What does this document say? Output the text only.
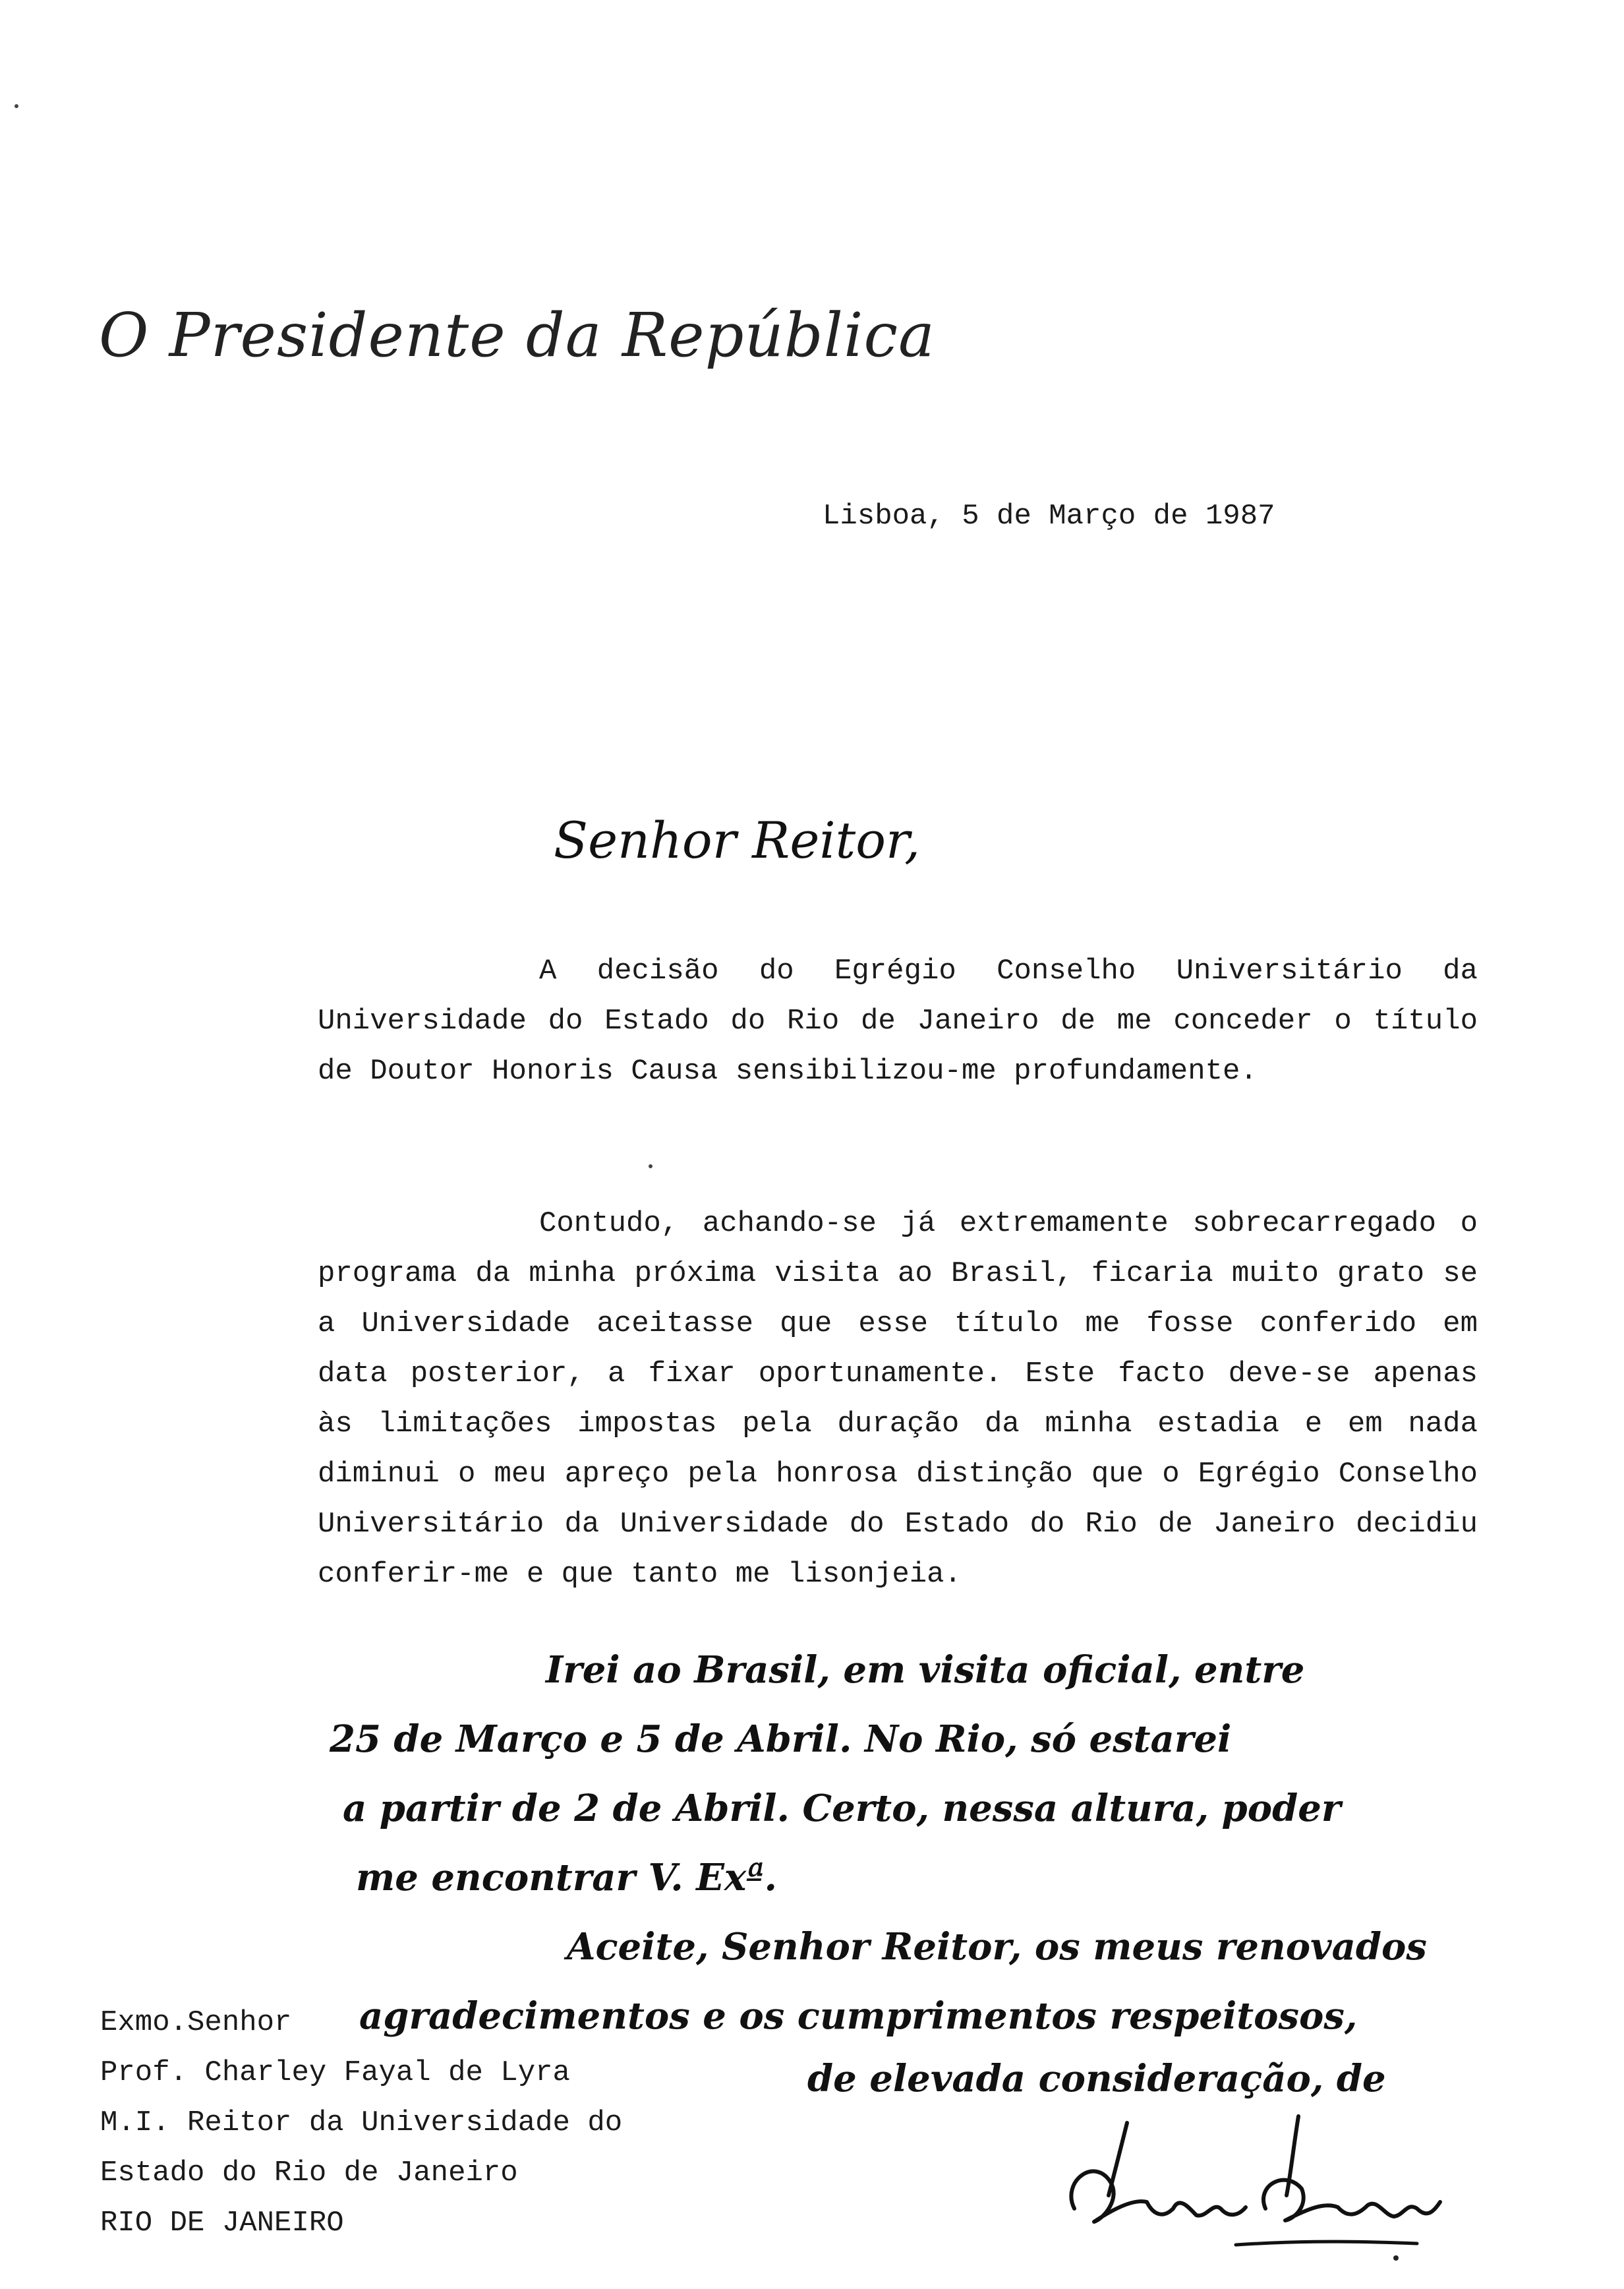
O Presidente da República
Lisboa, 5 de Março de 1987
Senhor Reitor,
A decisão do Egrégio Conselho Universitário da Universidade do Estado do Rio de Janeiro de me conceder o título de Doutor Honoris Causa sensibilizou-me profundamente.
Contudo, achando-se já extremamente sobrecarregado o programa da minha próxima visita ao Brasil, ficaria muito grato se a Universidade aceitasse que esse título me fosse conferido em data posterior, a fixar oportunamente. Este facto deve-se apenas às limitações impostas pela duração da minha estadia e em nada diminui o meu apreço pela honrosa distinção que o Egrégio Conselho Universitário da Universidade do Estado do Rio de Janeiro decidiu conferir-me e que tanto me lisonjeia.
Irei ao Brasil, em visita oficial, entre
25 de Março e 5 de Abril. No Rio, só estarei
a partir de 2 de Abril. Certo, nessa altura, poder
me encontrar V. Exª.
Aceite, Senhor Reitor, os meus renovados
agradecimentos e os cumprimentos respeitosos,
de elevada consideração, de
Exmo.Senhor
Prof. Charley Fayal de Lyra
M.I. Reitor da Universidade do
Estado do Rio de Janeiro
RIO DE JANEIRO
